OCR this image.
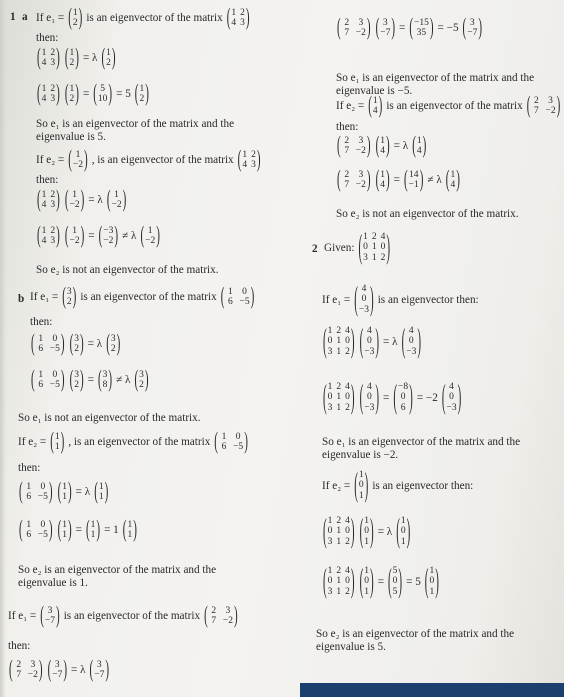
1 a If e₁ = ( 1
2 ) is an eigenvector of the matrix ( 1 2
4 3 )
then:
( 1 2
4 3 ) ( 1
2 ) = λ ( 1
2 )
( 1 2
4 3 ) ( 1
2 ) = ( 5
10 ) = 5 ( 1
2 )
So e₁ is an eigenvector of the matrix and the
eigenvalue is 5.
If e₂ = ( 1
−2 ) , is an eigenvector of the matrix ( 1 2
4 3 )
then:
( 1 2
4 3 ) ( 1
−2 ) = λ ( 1
−2 )
( 1 2
4 3 ) ( 1
−2 ) = ( −3
−2 ) ≠ λ ( 1
−2 )
So e₂ is not an eigenvector of the matrix.
b If e₁ = ( 3
2 ) is an eigenvector of the matrix ( 1 0
6 −5 )
then:
( 1 0
6 −5 ) ( 3
2 ) = λ ( 3
2 )
( 1 0
6 −5 ) ( 3
2 ) = ( 3
8 ) ≠ λ ( 3
2 )
So e₁ is not an eigenvector of the matrix.
If e₂ = ( 1
1 ) , is an eigenvector of the matrix ( 1 0
6 −5 )
then:
( 1 0
6 −5 ) ( 1
1 ) = λ ( 1
1 )
( 1 0
6 −5 ) ( 1
1 ) = ( 1
1 ) = 1 ( 1
1 )
So e₂ is an eigenvector of the matrix and the
eigenvalue is 1.
If e₁ = ( 3
−7 ) is an eigenvector of the matrix ( 2 3
7 −2 )
then:
( 2 3
7 −2 ) ( 3
−7 ) = λ ( 3
−7 )
( 2 3
7 −2 ) ( 3
−7 ) = ( −15
35 ) = −5 ( 3
−7 )
So e₁ is an eigenvector of the matrix and the
eigenvalue is −5.
If e₂ = ( 1
4 ) is an eigenvector of the matrix ( 2 3
7 −2 )
then:
( 2 3
7 −2 ) ( 1
4 ) = λ ( 1
4 )
( 2 3
7 −2 ) ( 1
4 ) = ( 14
−1 ) ≠ λ ( 1
4 )
So e₂ is not an eigenvector of the matrix.
2 Given: ( 1 2 4
0 1 0
3 1 2 )
If e₁ = ( 4
0
−3 ) is an eigenvector then:
( 1 2 4
0 1 0
3 1 2 ) ( 4
0
−3 ) = λ ( 4
0
−3 )
( 1 2 4
0 1 0
3 1 2 ) ( 4
0
−3 ) = ( −8
0
6 ) = −2 ( 4
0
−3 )
So e₁ is an eigenvector of the matrix and the
eigenvalue is −2.
If e₂ = ( 1
0
1 ) is an eigenvector then:
( 1 2 4
0 1 0
3 1 2 ) ( 1
0
1 ) = λ ( 1
0
1 )
( 1 2 4
0 1 0
3 1 2 ) ( 1
0
1 ) = ( 5
0
5 ) = 5 ( 1
0
1 )
So e₂ is an eigenvector of the matrix and the
eigenvalue is 5.
